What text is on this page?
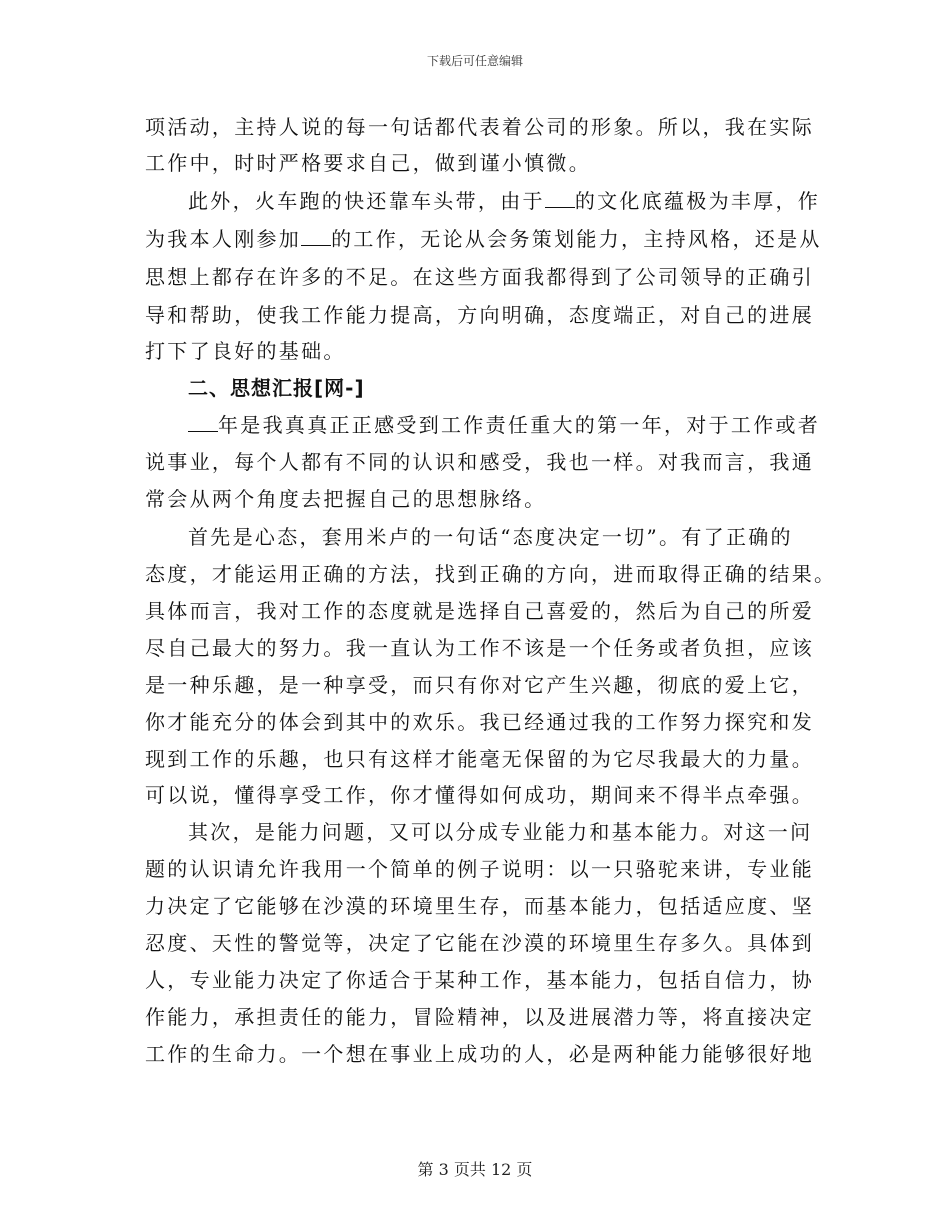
下载后可任意编辑
项活动，主持人说的每一句话都代表着公司的形象。所以，我在实际
工作中，时时严格要求自己，做到谨小慎微。
此外，火车跑的快还靠车头带，由于 的文化底蕴极为丰厚，作
为我本人刚参加 的工作，无论从会务策划能力，主持风格，还是从
思想上都存在许多的不足。在这些方面我都得到了公司领导的正确引
导和帮助，使我工作能力提高，方向明确，态度端正，对自己的进展
打下了良好的基础。
二、思想汇报[网-]
年是我真真正正感受到工作责任重大的第一年，对于工作或者
说事业，每个人都有不同的认识和感受，我也一样。对我而言，我通
常会从两个角度去把握自己的思想脉络。
首先是心态，套用米卢的一句话“态度决定一切”。有了正确的
态度，才能运用正确的方法，找到正确的方向，进而取得正确的结果。
具体而言，我对工作的态度就是选择自己喜爱的，然后为自己的所爱
尽自己最大的努力。我一直认为工作不该是一个任务或者负担，应该
是一种乐趣，是一种享受，而只有你对它产生兴趣，彻底的爱上它，
你才能充分的体会到其中的欢乐。我已经通过我的工作努力探究和发
现到工作的乐趣，也只有这样才能毫无保留的为它尽我最大的力量。
可以说，懂得享受工作，你才懂得如何成功，期间来不得半点牵强。
其次，是能力问题，又可以分成专业能力和基本能力。对这一问
题的认识请允许我用一个简单的例子说明：以一只骆驼来讲，专业能
力决定了它能够在沙漠的环境里生存，而基本能力，包括适应度、坚
忍度、天性的警觉等，决定了它能在沙漠的环境里生存多久。具体到
人，专业能力决定了你适合于某种工作，基本能力，包括自信力，协
作能力，承担责任的能力，冒险精神，以及进展潜力等，将直接决定
工作的生命力。一个想在事业上成功的人，必是两种能力能够很好地
第 3 页共 12 页
